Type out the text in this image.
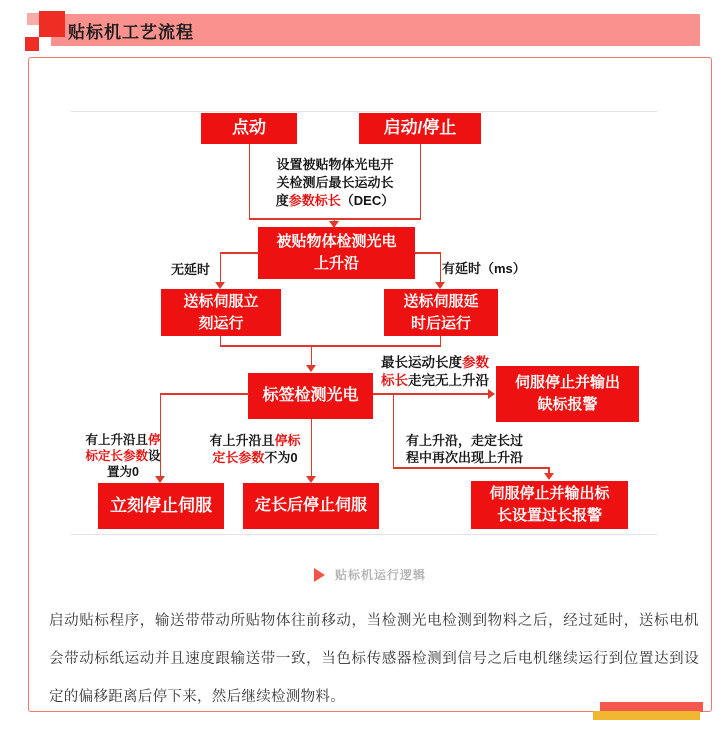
贴标机工艺流程
点动	启动/停止
设置被贴物体光电开关检测后最长运动长度参数标长（DEC）
被贴物体检测光电上升沿
无延时	有延时（ms）
送标伺服立刻运行
送标伺服延时后运行
标签检测光电
最长运动长度参数标长走完无上升沿	伺服停止并输出缺标报警
有上升沿，走定长过程中再次出现上升沿
伺服停止并输出标长设置过长报警
有上升沿且停标定长参数设置为0
立刻停止伺服
有上升沿且停标定长参数不为0
定长后停止伺服
贴标机运行逻辑
启动贴标程序，输送带带动所贴物体往前移动，当检测光电检测到物料之后，经过延时，送标电机会带动标纸运动并且速度跟输送带一致，当色标传感器检测到信号之后电机继续运行到位置达到设定的偏移距离后停下来，然后继续检测物料。
